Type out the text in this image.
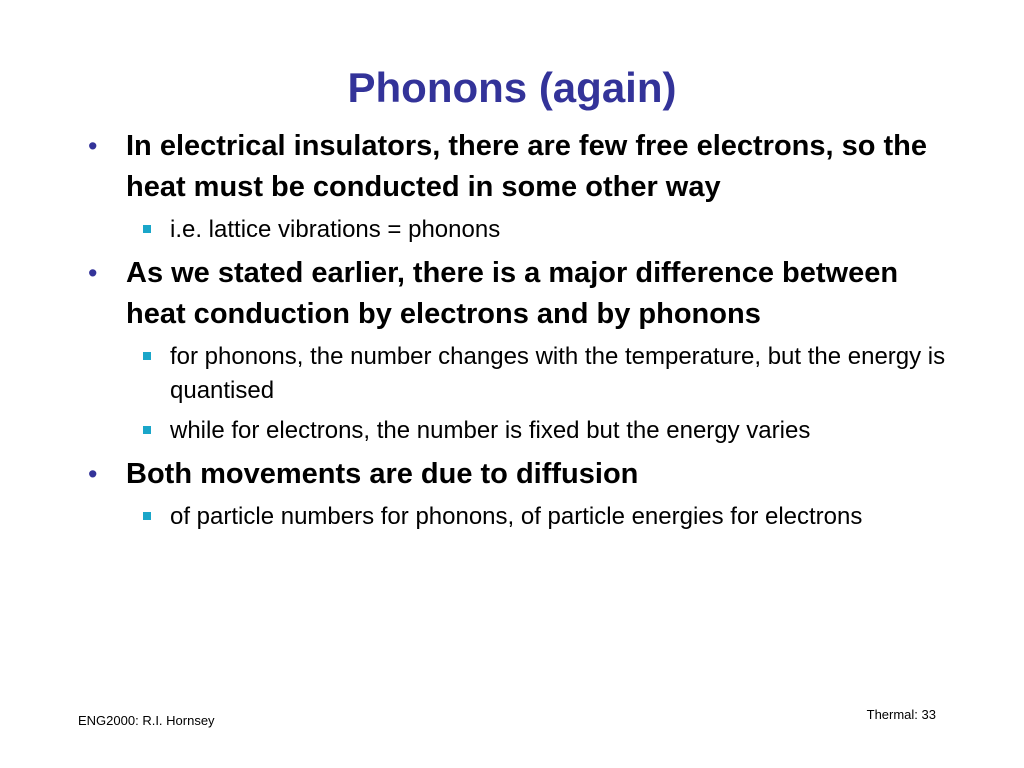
Phonons (again)
• In electrical insulators, there are few free electrons, so the heat must be conducted in some other way
i.e. lattice vibrations = phonons
• As we stated earlier, there is a major difference between heat conduction by electrons and by phonons
for phonons, the number changes with the temperature, but the energy is quantised
while for electrons, the number is fixed but the energy varies
• Both movements are due to diffusion
of particle numbers for phonons, of particle energies for electrons
ENG2000: R.I. Hornsey	Thermal: 33
